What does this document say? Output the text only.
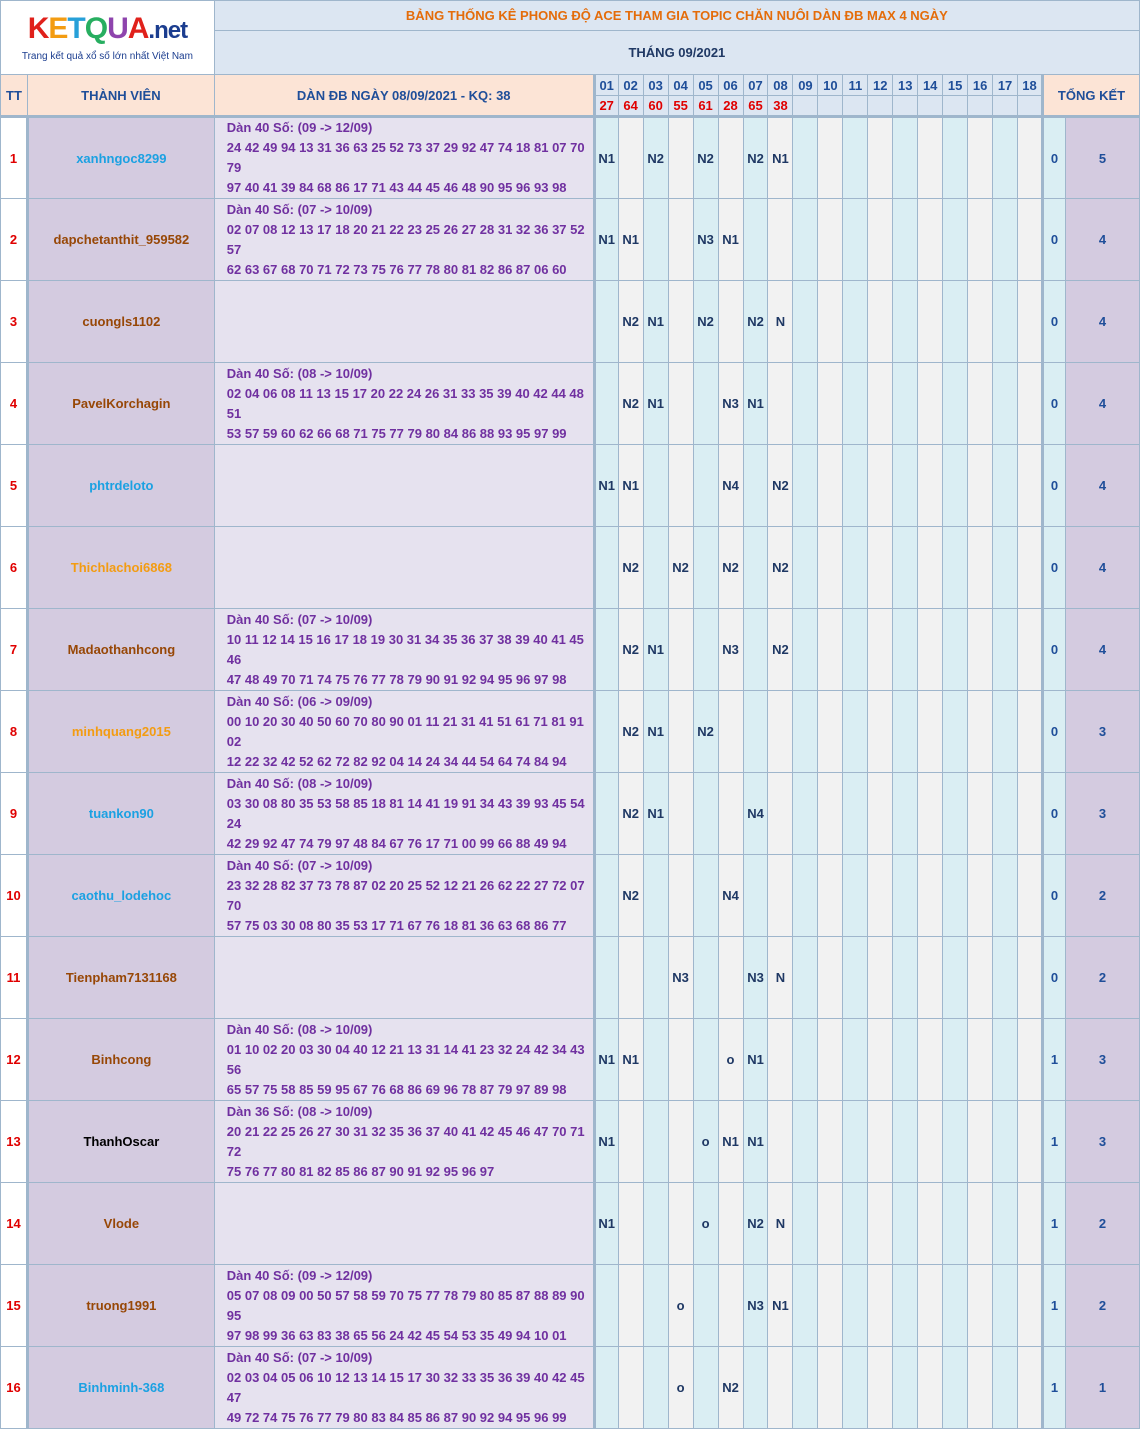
KETQUA.net
Trang kết quả xổ số lớn nhất Việt Nam		BẢNG THỐNG KÊ PHONG ĐỘ ACE THAM GIA TOPIC CHĂN NUÔI DÀN ĐB MAX 4 NGÀY																				
		THÁNG 09/2021																				
TT	THÀNH VIÊN	DÀN ĐB NGÀY 08/09/2021 - KQ: 38	01	02	03	04	05	06	07	08	09	10	11	12	13	14	15	16	17	18	TỔNG KẾT	
			27	64	60	55	61	28	65	38												
1	xanhngoc8299	Dàn 40 Số: (09 -> 12/09)
24 42 49 94 13 31 36 63 25 52 73 37 29 92 47 74 18 81 07 70 79
97 40 41 39 84 68 86 17 71 43 44 45 46 48 90 95 96 93 98	N1		N2		N2		N2	N1											0	5
2	dapchetanthit_959582	Dàn 40 Số: (07 -> 10/09)
02 07 08 12 13 17 18 20 21 22 23 25 26 27 28 31 32 36 37 52 57
62 63 67 68 70 71 72 73 75 76 77 78 80 81 82 86 87 06 60	N1	N1			N3	N1													0	4
3	cuongls1102			N2	N1		N2		N2	N											0	4
4	PavelKorchagin	Dàn 40 Số: (08 -> 10/09)
02 04 06 08 11 13 15 17 20 22 24 26 31 33 35 39 40 42 44 48 51
53 57 59 60 62 66 68 71 75 77 79 80 84 86 88 93 95 97 99		N2	N1			N3	N1												0	4
5	phtrdeloto		N1	N1				N4		N2											0	4
6	Thichlachoi6868			N2		N2		N2		N2											0	4
7	Madaothanhcong	Dàn 40 Số: (07 -> 10/09)
10 11 12 14 15 16 17 18 19 30 31 34 35 36 37 38 39 40 41 45 46
47 48 49 70 71 74 75 76 77 78 79 90 91 92 94 95 96 97 98		N2	N1			N3		N2											0	4
8	minhquang2015	Dàn 40 Số: (06 -> 09/09)
00 10 20 30 40 50 60 70 80 90 01 11 21 31 41 51 61 71 81 91 02
12 22 32 42 52 62 72 82 92 04 14 24 34 44 54 64 74 84 94		N2	N1		N2														0	3
9	tuankon90	Dàn 40 Số: (08 -> 10/09)
03 30 08 80 35 53 58 85 18 81 14 41 19 91 34 43 39 93 45 54 24
42 29 92 47 74 79 97 48 84 67 76 17 71 00 99 66 88 49 94		N2	N1				N4												0	3
10	caothu_lodehoc	Dàn 40 Số: (07 -> 10/09)
23 32 28 82 37 73 78 87 02 20 25 52 12 21 26 62 22 27 72 07 70
57 75 03 30 08 80 35 53 17 71 67 76 18 81 36 63 68 86 77		N2				N4													0	2
11	Tienpham7131168					N3			N3	N											0	2
12	Binhcong	Dàn 40 Số: (08 -> 10/09)
01 10 02 20 03 30 04 40 12 21 13 31 14 41 23 32 24 42 34 43 56
65 57 75 58 85 59 95 67 76 68 86 69 96 78 87 79 97 89 98	N1	N1				o	N1												1	3
13	ThanhOscar	Dàn 36 Số: (08 -> 10/09)
20 21 22 25 26 27 30 31 32 35 36 37 40 41 42 45 46 47 70 71 72
75 76 77 80 81 82 85 86 87 90 91 92 95 96 97	N1				o	N1	N1												1	3
14	Vlode		N1				o		N2	N											1	2
15	truong1991	Dàn 40 Số: (09 -> 12/09)
05 07 08 09 00 50 57 58 59 70 75 77 78 79 80 85 87 88 89 90 95
97 98 99 36 63 83 38 65 56 24 42 45 54 53 35 49 94 10 01				o			N3	N1											1	2
16	Binhminh-368	Dàn 40 Số: (07 -> 10/09)
02 03 04 05 06 10 12 13 14 15 17 30 32 33 35 36 39 40 42 45 47
49 72 74 75 76 77 79 80 83 84 85 86 87 90 92 94 95 96 99				o		N2													1	1
